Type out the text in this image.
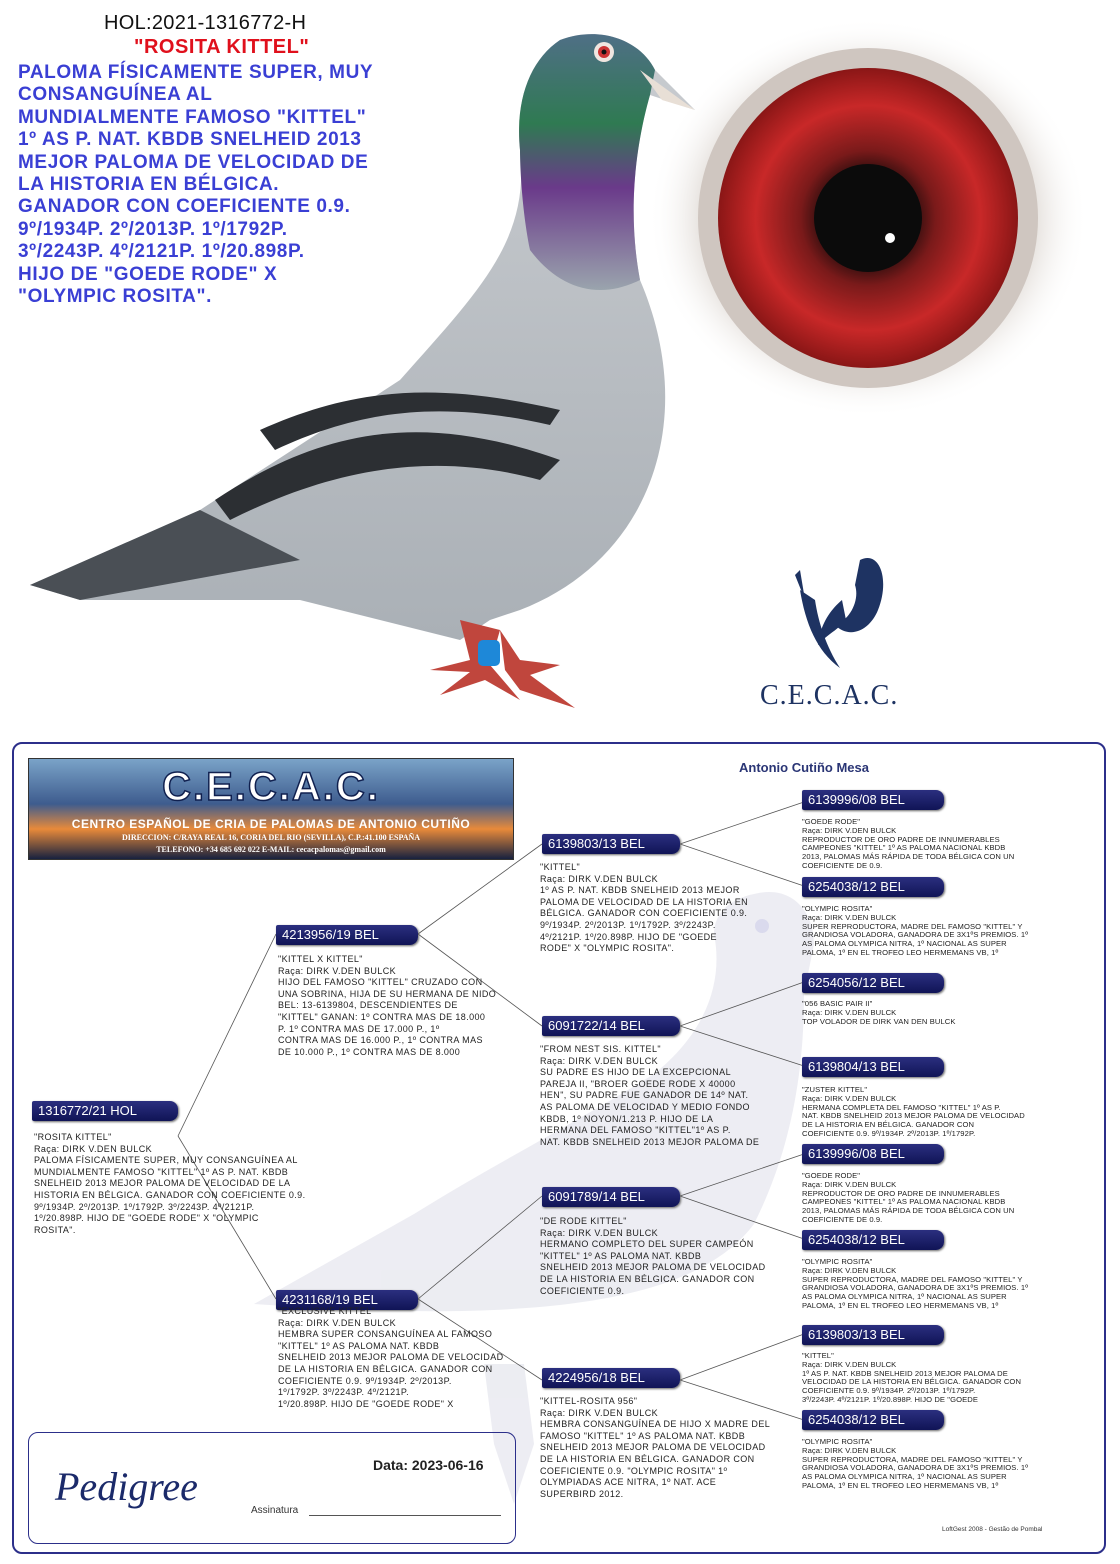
HOL:2021-1316772-H
"ROSITA KITTEL"
PALOMA FÍSICAMENTE SUPER, MUY
CONSANGUÍNEA AL
MUNDIALMENTE FAMOSO "KITTEL"
1º AS P. NAT. KBDB SNELHEID 2013
MEJOR PALOMA DE VELOCIDAD DE
LA HISTORIA EN BÉLGICA.
GANADOR CON COEFICIENTE 0.9.
9º/1934P. 2º/2013P. 1º/1792P.
3º/2243P. 4º/2121P. 1º/20.898P.
HIJO DE "GOEDE RODE" X
"OLYMPIC ROSITA".
C.E.C.A.C.
Antonio Cutiño Mesa
C.E.C.A.C.
CENTRO ESPAÑOL DE CRIA DE PALOMAS DE ANTONIO CUTIÑO
DIRECCION: C/RAYA REAL 16, CORIA DEL RIO (SEVILLA), C.P.:41.100 ESPAÑA
TELEFONO: +34 685 692 022 E-MAIL: cecacpalomas@gmail.com
1316772/21 HOL
"ROSITA KITTEL"
Raça: DIRK V.DEN BULCK
PALOMA FÍSICAMENTE SUPER, MUY CONSANGUÍNEA AL
MUNDIALMENTE FAMOSO "KITTEL" 1º AS P. NAT. KBDB
SNELHEID 2013 MEJOR PALOMA DE VELOCIDAD DE LA
HISTORIA EN BÉLGICA. GANADOR CON COEFICIENTE 0.9.
9º/1934P. 2º/2013P. 1º/1792P. 3º/2243P. 4º/2121P.
1º/20.898P. HIJO DE "GOEDE RODE" X "OLYMPIC
ROSITA".
4213956/19 BEL
"KITTEL X KITTEL"
Raça: DIRK V.DEN BULCK
HIJO DEL FAMOSO "KITTEL" CRUZADO CON
UNA SOBRINA, HIJA DE SU HERMANA DE NIDO
BEL: 13-6139804, DESCENDIENTES DE
"KITTEL" GANAN: 1º CONTRA MAS DE 18.000
P. 1º CONTRA MAS DE 17.000 P., 1º
CONTRA MAS DE 16.000 P., 1º CONTRA MAS
DE 10.000 P., 1º CONTRA MAS DE 8.000
4231168/19 BEL
"EXCLUSIVE KITTEL"
Raça: DIRK V.DEN BULCK
HEMBRA SUPER CONSANGUÍNEA AL FAMOSO
"KITTEL" 1º AS PALOMA NAT. KBDB
SNELHEID 2013 MEJOR PALOMA DE VELOCIDAD
DE LA HISTORIA EN BÉLGICA. GANADOR CON
COEFICIENTE 0.9. 9º/1934P. 2º/2013P.
1º/1792P. 3º/2243P. 4º/2121P.
1º/20.898P. HIJO DE "GOEDE RODE" X
6139803/13 BEL
"KITTEL"
Raça: DIRK V.DEN BULCK
1º AS P. NAT. KBDB SNELHEID 2013 MEJOR
PALOMA DE VELOCIDAD DE LA HISTORIA EN
BÉLGICA. GANADOR CON COEFICIENTE 0.9.
9º/1934P. 2º/2013P. 1º/1792P. 3º/2243P.
4º/2121P. 1º/20.898P. HIJO DE "GOEDE
RODE" X "OLYMPIC ROSITA".
6091722/14 BEL
"FROM NEST SIS. KITTEL"
Raça: DIRK V.DEN BULCK
SU PADRE ES HIJO DE LA EXCEPCIONAL
PAREJA II, "BROER GOEDE RODE X 40000
HEN", SU PADRE FUE GANADOR DE 14º NAT.
AS PALOMA DE VELOCIDAD Y MEDIO FONDO
KBDB, 1º NOYON/1.213 P. HIJO DE LA
HERMANA DEL FAMOSO "KITTEL"1º AS P.
NAT. KBDB SNELHEID 2013 MEJOR PALOMA DE
6091789/14 BEL
"DE RODE KITTEL"
Raça: DIRK V.DEN BULCK
HERMANO COMPLETO DEL SUPER CAMPEÓN
"KITTEL" 1º AS PALOMA NAT. KBDB
SNELHEID 2013 MEJOR PALOMA DE VELOCIDAD
DE LA HISTORIA EN BÉLGICA. GANADOR CON
COEFICIENTE 0.9.
4224956/18 BEL
"KITTEL-ROSITA 956"
Raça: DIRK V.DEN BULCK
HEMBRA CONSANGUÍNEA DE HIJO X MADRE DEL
FAMOSO "KITTEL" 1º AS PALOMA NAT. KBDB
SNELHEID 2013 MEJOR PALOMA DE VELOCIDAD
DE LA HISTORIA EN BÉLGICA. GANADOR CON
COEFICIENTE 0.9. "OLYMPIC ROSITA" 1º
OLYMPIADAS ACE NITRA, 1º NAT. ACE
SUPERBIRD 2012.
6139996/08 BEL
"GOEDE RODE"
Raça: DIRK V.DEN BULCK
REPRODUCTOR DE ORO PADRE DE INNUMERABLES
CAMPEONES "KITTEL" 1º AS PALOMA NACIONAL KBDB
2013, PALOMAS MÁS RÁPIDA DE TODA BÉLGICA CON UN
COEFICIENTE DE 0.9.
6254038/12 BEL
"OLYMPIC ROSITA"
Raça: DIRK V.DEN BULCK
SUPER REPRODUCTORA, MADRE DEL FAMOSO "KITTEL" Y
GRANDIOSA VOLADORA, GANADORA DE 3X1ºS PREMIOS. 1º
AS PALOMA OLYMPICA NITRA, 1º NACIONAL AS SUPER
PALOMA, 1º EN EL TROFEO LEO HERMEMANS VB, 1º
6254056/12 BEL
"056 BASIC PAIR II"
Raça: DIRK V.DEN BULCK
TOP VOLADOR DE DIRK VAN DEN BULCK
6139804/13 BEL
"ZUSTER KITTEL"
Raça: DIRK V.DEN BULCK
HERMANA COMPLETA DEL FAMOSO "KITTEL" 1º AS P.
NAT. KBDB SNELHEID 2013 MEJOR PALOMA DE VELOCIDAD
DE LA HISTORIA EN BÉLGICA. GANADOR CON
COEFICIENTE 0.9. 9º/1934P. 2º/2013P. 1º/1792P.
6139996/08 BEL
"GOEDE RODE"
Raça: DIRK V.DEN BULCK
REPRODUCTOR DE ORO PADRE DE INNUMERABLES
CAMPEONES "KITTEL" 1º AS PALOMA NACIONAL KBDB
2013, PALOMAS MÁS RÁPIDA DE TODA BÉLGICA CON UN
COEFICIENTE DE 0.9.
6254038/12 BEL
"OLYMPIC ROSITA"
Raça: DIRK V.DEN BULCK
SUPER REPRODUCTORA, MADRE DEL FAMOSO "KITTEL" Y
GRANDIOSA VOLADORA, GANADORA DE 3X1ºS PREMIOS. 1º
AS PALOMA OLYMPICA NITRA, 1º NACIONAL AS SUPER
PALOMA, 1º EN EL TROFEO LEO HERMEMANS VB, 1º
6139803/13 BEL
"KITTEL"
Raça: DIRK V.DEN BULCK
1º AS P. NAT. KBDB SNELHEID 2013 MEJOR PALOMA DE
VELOCIDAD DE LA HISTORIA EN BÉLGICA. GANADOR CON
COEFICIENTE 0.9. 9º/1934P. 2º/2013P. 1º/1792P.
3º/2243P. 4º/2121P. 1º/20.898P. HIJO DE "GOEDE
6254038/12 BEL
"OLYMPIC ROSITA"
Raça: DIRK V.DEN BULCK
SUPER REPRODUCTORA, MADRE DEL FAMOSO "KITTEL" Y
GRANDIOSA VOLADORA, GANADORA DE 3X1ºS PREMIOS. 1º
AS PALOMA OLYMPICA NITRA, 1º NACIONAL AS SUPER
PALOMA, 1º EN EL TROFEO LEO HERMEMANS VB, 1º
Pedigree	Data: 2023-06-16
Assinatura
LoftGest 2008 - Gestão de Pombal
